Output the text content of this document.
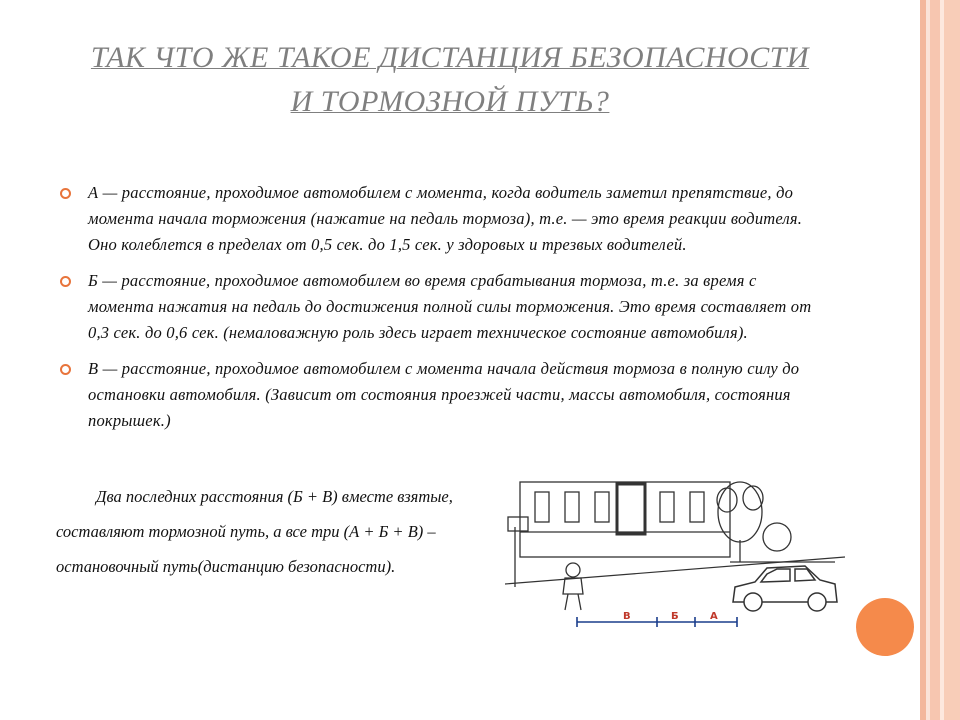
ТАК ЧТО ЖЕ ТАКОЕ ДИСТАНЦИЯ БЕЗОПАСНОСТИ
И ТОРМОЗНОЙ ПУТЬ?
А — расстояние, проходимое автомобилем с момента, когда водитель заметил препятствие, до момента начала торможения (нажатие на педаль тормоза), т.е. — это время реакции водителя. Оно колеблется в пределах от 0,5 сек. до 1,5 сек. у здоровых и трезвых водителей.
Б — расстояние, проходимое автомобилем во время срабатывания тормоза, т.е. за время с момента нажатия на педаль до достижения полной силы торможения. Это время составляет от 0,3 сек. до 0,6 сек. (немаловажную роль здесь играет техническое состояние автомобиля).
В — расстояние, проходимое автомобилем с момента начала действия тормоза в полную силу до остановки автомобиля. (Зависит от состояния проезжей части, массы автомобиля, состояния покрышек.)

Два последних расстояния (Б + В) вместе взятые,

составляют тормозной путь, а все три (А + Б + В) –

остановочный путь(дистанцию безопасности).

В	Б	А
